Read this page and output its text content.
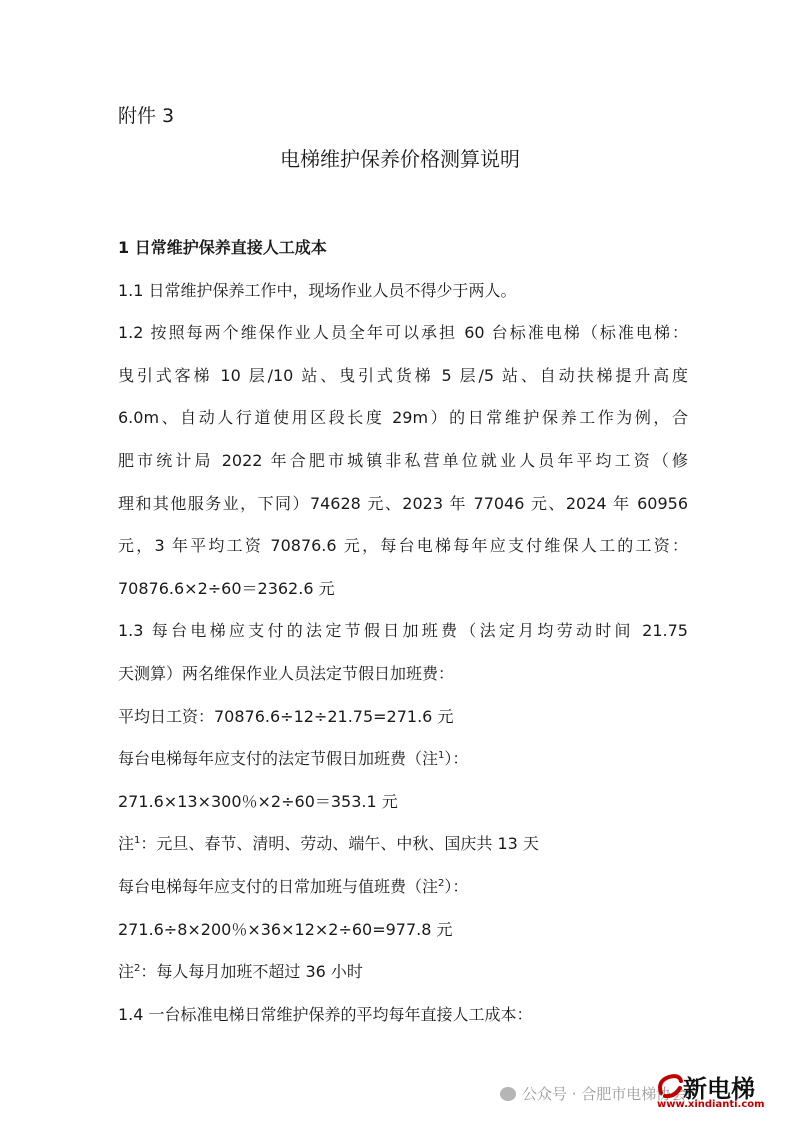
附件 3
电梯维护保养价格测算说明
1 日常维护保养直接人工成本
1.1 日常维护保养工作中，现场作业人员不得少于两人。
1.2 按照每两个维保作业人员全年可以承担 60 台标准电梯（标准电梯：
曳引式客梯 10 层/10 站、曳引式货梯 5 层/5 站、自动扶梯提升高度
6.0m、自动人行道使用区段长度 29m）的日常维护保养工作为例，合
肥市统计局 2022 年合肥市城镇非私营单位就业人员年平均工资（修
理和其他服务业，下同）74628 元、2023 年 77046 元、2024 年 60956
元，3 年平均工资 70876.6 元，每台电梯每年应支付维保人工的工资：
70876.6×2÷60＝2362.6 元
1.3 每台电梯应支付的法定节假日加班费（法定月均劳动时间 21.75
天测算）两名维保作业人员法定节假日加班费：
平均日工资：70876.6÷12÷21.75=271.6 元
每台电梯每年应支付的法定节假日加班费（注$^1$）：
271.6×13×300％×2÷60＝353.1 元
注$^1$：元旦、春节、清明、劳动、端午、中秋、国庆共 13 天
每台电梯每年应支付的日常加班与值班费（注$^2$）：
271.6÷8×200％×36×12×2÷60=977.8 元
注$^2$：每人每月加班不超过 36 小时
1.4 一台标准电梯日常维护保养的平均每年直接人工成本：
公众号 · 合肥市电梯协会
新电梯
www.xindianti.com
